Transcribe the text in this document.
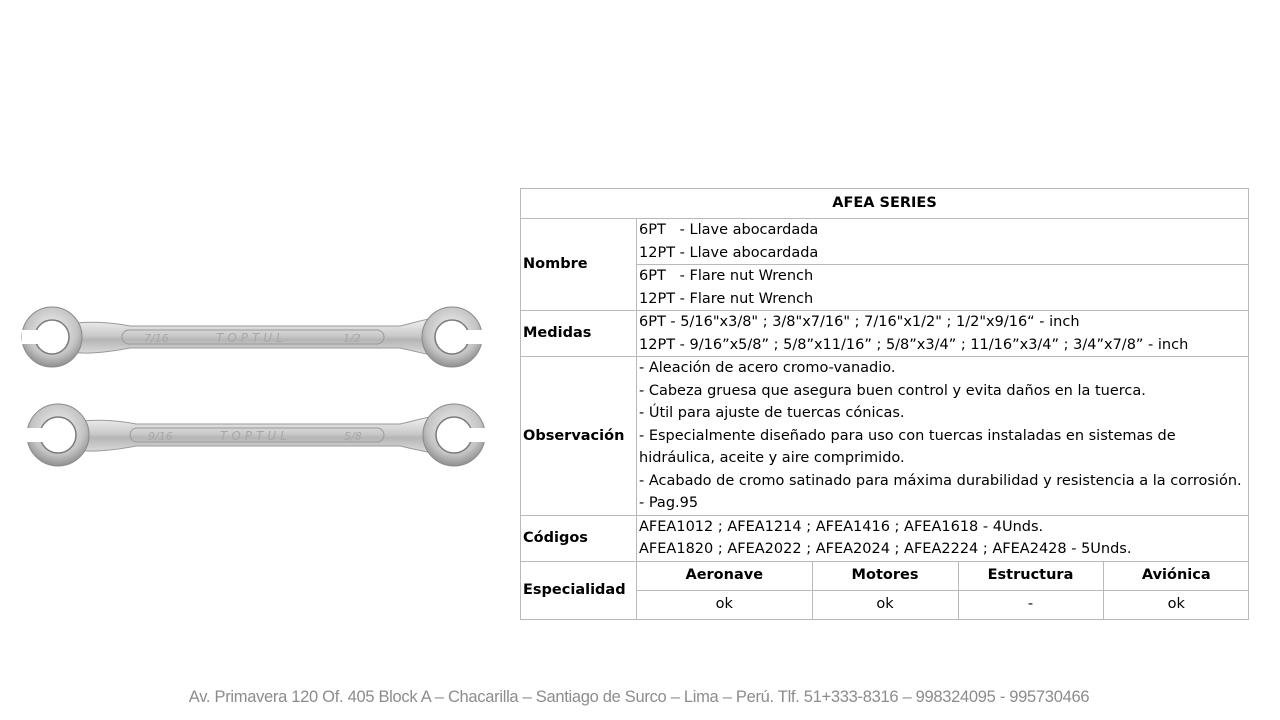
7/16	TOPTUL	1/2
9/16	TOPTUL	5/8
AFEA SERIES
Nombre	
6PT   - Llave abocardada
12PT - Llave abocardada

6PT   - Flare nut Wrench
12PT - Flare nut Wrench

Medidas	
6PT - 5/16"x3/8" ; 3/8"x7/16" ; 7/16"x1/2" ; 1/2"x9/16“ - inch
12PT - 9/16”x5/8” ; 5/8”x11/16” ; 5/8”x3/4” ; 11/16”x3/4” ; 3/4”x7/8” - inch

Observación	
- Aleación de acero cromo-vanadio.
- Cabeza gruesa que asegura buen control y evita daños en la tuerca.
- Útil para ajuste de tuercas cónicas.
- Especialmente diseñado para uso con tuercas instaladas en sistemas de hidráulica, aceite y aire comprimido.
- Acabado de cromo satinado para máxima durabilidad y resistencia a la corrosión.
- Pag.95

Códigos	
AFEA1012 ; AFEA1214 ; AFEA1416 ; AFEA1618 - 4Unds.
AFEA1820 ; AFEA2022 ; AFEA2024 ; AFEA2224 ; AFEA2428 - 5Unds.

Especialidad	
Aeronave	Motores	Estructura	Aviónica
ok	ok	-	ok
Av. Primavera 120 Of. 405 Block A – Chacarilla – Santiago de Surco – Lima – Perú. Tlf. 51+333-8316 – 998324095 - 995730466
